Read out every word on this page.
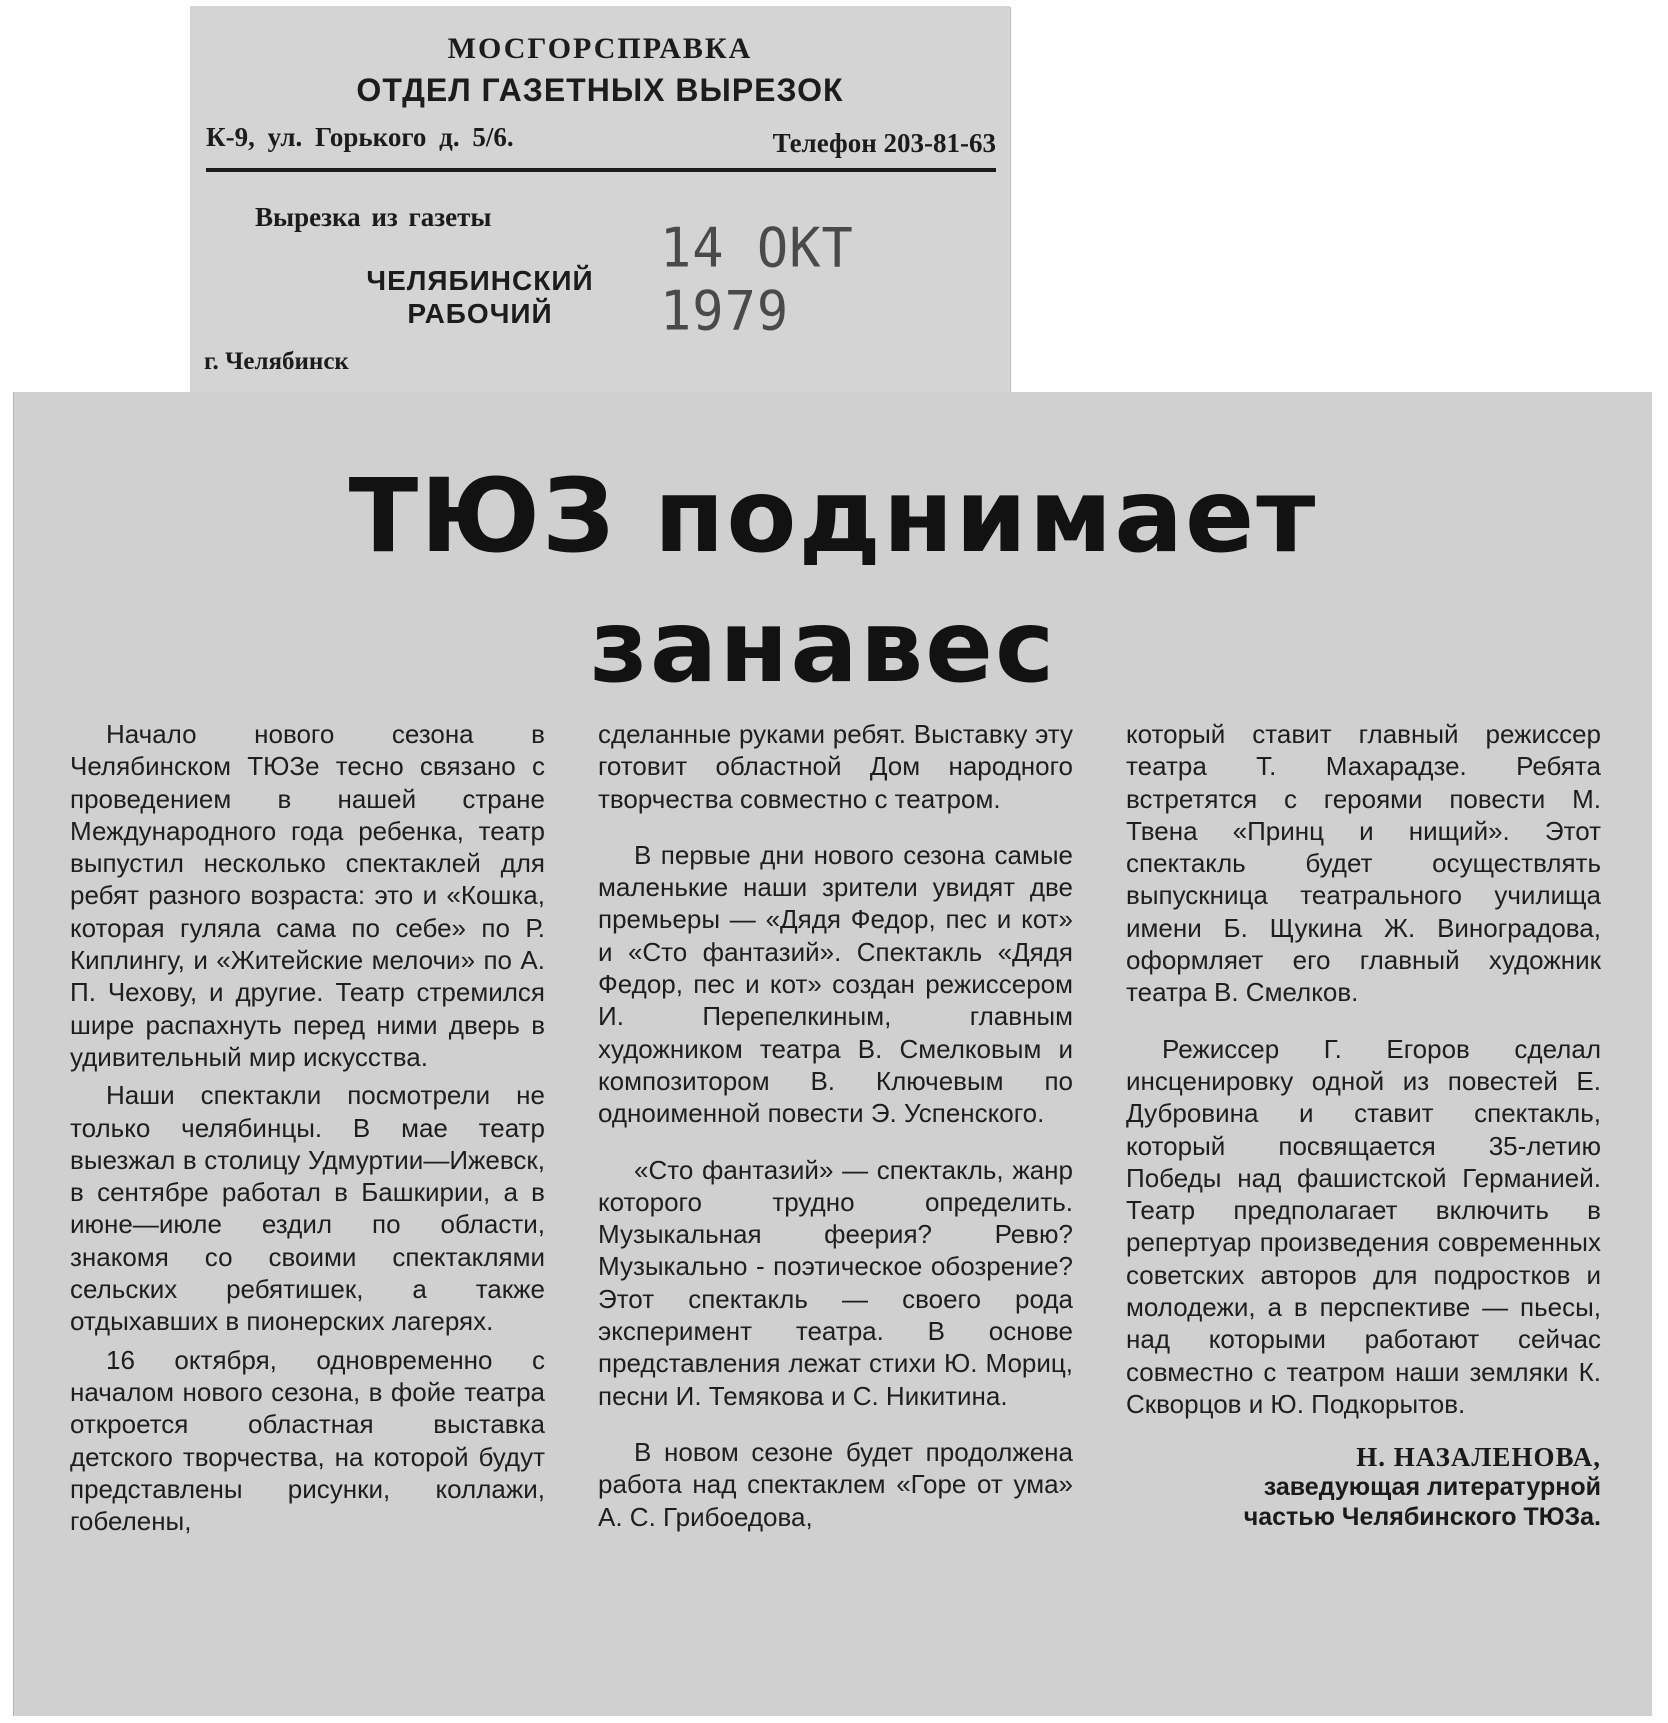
МОСГОРСПРАВКА
ОТДЕЛ ГАЗЕТНЫХ ВЫРЕЗОК
К-9, ул. Горького д. 5/6.	Телефон 203-81-63
Вырезка из газеты
ЧЕЛЯБИНСКИЙ
РАБОЧИЙ
14 ОКТ 1979
г. Челябинск
ТЮЗ поднимает
занавес

Начало нового сезона в Челябинском ТЮЗе тесно связано с проведением в нашей стране Международного года ребенка, театр выпустил несколько спектаклей для ребят разного возраста: это и «Кошка, которая гуляла сама по себе» по Р. Киплингу, и «Житейские мелочи» по А. П. Чехову, и другие. Театр стремился шире распахнуть перед ними дверь в удивительный мир искусства.

Наши спектакли посмотрели не только челябинцы. В мае театр выезжал в столицу Удмуртии—Ижевск, в сентябре работал в Башкирии, а в июне—июле ездил по области, знакомя со своими спектаклями сельских ребятишек, а также отдыхавших в пионерских лагерях.

16 октября, одновременно с началом нового сезона, в фойе театра откроется областная выставка детского творчества, на которой будут представлены рисунки, коллажи, гобелены,

сделанные руками ребят. Выставку эту готовит областной Дом народного творчества совместно с театром.

В первые дни нового сезона самые маленькие наши зрители увидят две премьеры — «Дядя Федор, пес и кот» и «Сто фантазий». Спектакль «Дядя Федор, пес и кот» создан режиссером И. Перепелкиным, главным художником театра В. Смелковым и композитором В. Ключевым по одноименной повести Э. Успенского.

«Сто фантазий» — спектакль, жанр которого трудно определить. Музыкальная феерия? Ревю? Музыкально - поэтическое обозрение? Этот спектакль — своего рода эксперимент театра. В основе представления лежат стихи Ю. Мориц, песни И. Темякова и С. Никитина.

В новом сезоне будет продолжена работа над спектаклем «Горе от ума» А. С. Грибоедова,

который ставит главный режиссер театра Т. Махарадзе. Ребята встретятся с героями повести М. Твена «Принц и нищий». Этот спектакль будет осуществлять выпускница театрального училища имени Б. Щукина Ж. Виноградова, оформляет его главный художник театра В. Смелков.

Режиссер Г. Егоров сделал инсценировку одной из повестей Е. Дубровина и ставит спектакль, который посвящается 35-летию Победы над фашистской Германией. Театр предполагает включить в репертуар произведения современных советских авторов для подростков и молодежи, а в перспективе — пьесы, над которыми работают сейчас совместно с театром наши земляки К. Скворцов и Ю. Подкорытов.

Н. НАЗАЛЕНОВА,
заведующая литературной
частью Челябинского ТЮЗа.
